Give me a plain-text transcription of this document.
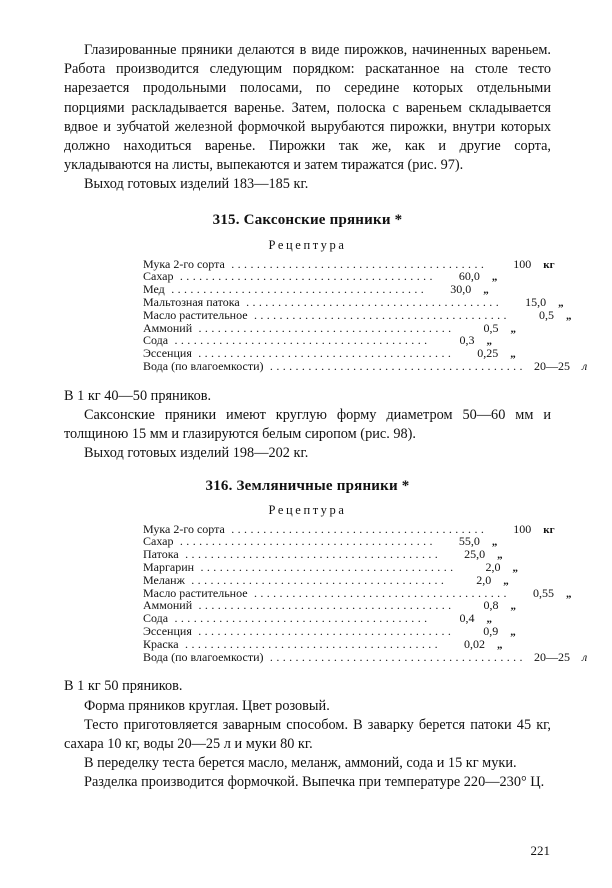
Глазированные пряники делаются в виде пирожков, начиненных вареньем. Работа производится следующим порядком: раскатанное на столе тесто нарезается продольными полосами, по середине которых отдельными порциями раскладывается варенье. Затем, полоска с вареньем складывается вдвое и зубчатой железной формочкой вырубаются пирожки, внутри которых должно находиться варенье. Пирожки так же, как и другие сорта, укладываются на листы, выпекаются и затем тиражатся (рис. 97).

Выход готовых изделий 183—185 кг.

315. Саксонские пряники *

Рецептура

Мука 2-го сорта ........................................	100	кг
Сахар ........................................	60,0	„
Мед ........................................	30,0	„
Мальтозная патока ........................................	15,0	„
Масло растительное ........................................	0,5	„
Аммоний ........................................	0,5	„
Сода ........................................	0,3	„
Эссенция ........................................	0,25	„
Вода (по влагоемкости) ........................................ 20—25	л

В 1 кг 40—50 пряников.

Саксонские пряники имеют круглую форму диаметром 50—60 мм и толщиною 15 мм и глазируются белым сиропом (рис. 98).

Выход готовых изделий 198—202 кг.

316. Земляничные пряники *

Рецептура

Мука 2-го сорта ........................................	100	кг
Сахар ........................................	55,0	„
Патока ........................................	25,0	„
Маргарин ........................................	2,0	„
Меланж ........................................	2,0	„
Масло растительное ........................................	0,55	„
Аммоний ........................................	0,8	„
Сода ........................................	0,4	„
Эссенция ........................................	0,9	„
Краска ........................................	0,02	„
Вода (по влагоемкости) ........................................ 20—25	л

В 1 кг 50 пряников.

Форма пряников круглая. Цвет розовый.

Тесто приготовляется заварным способом. В заварку берется патоки 45 кг, сахара 10 кг, воды 20—25 л и муки 80 кг.

В переделку теста берется масло, меланж, аммоний, сода и 15 кг муки.

Разделка производится формочкой. Выпечка при температуре 220—230° Ц.

221
